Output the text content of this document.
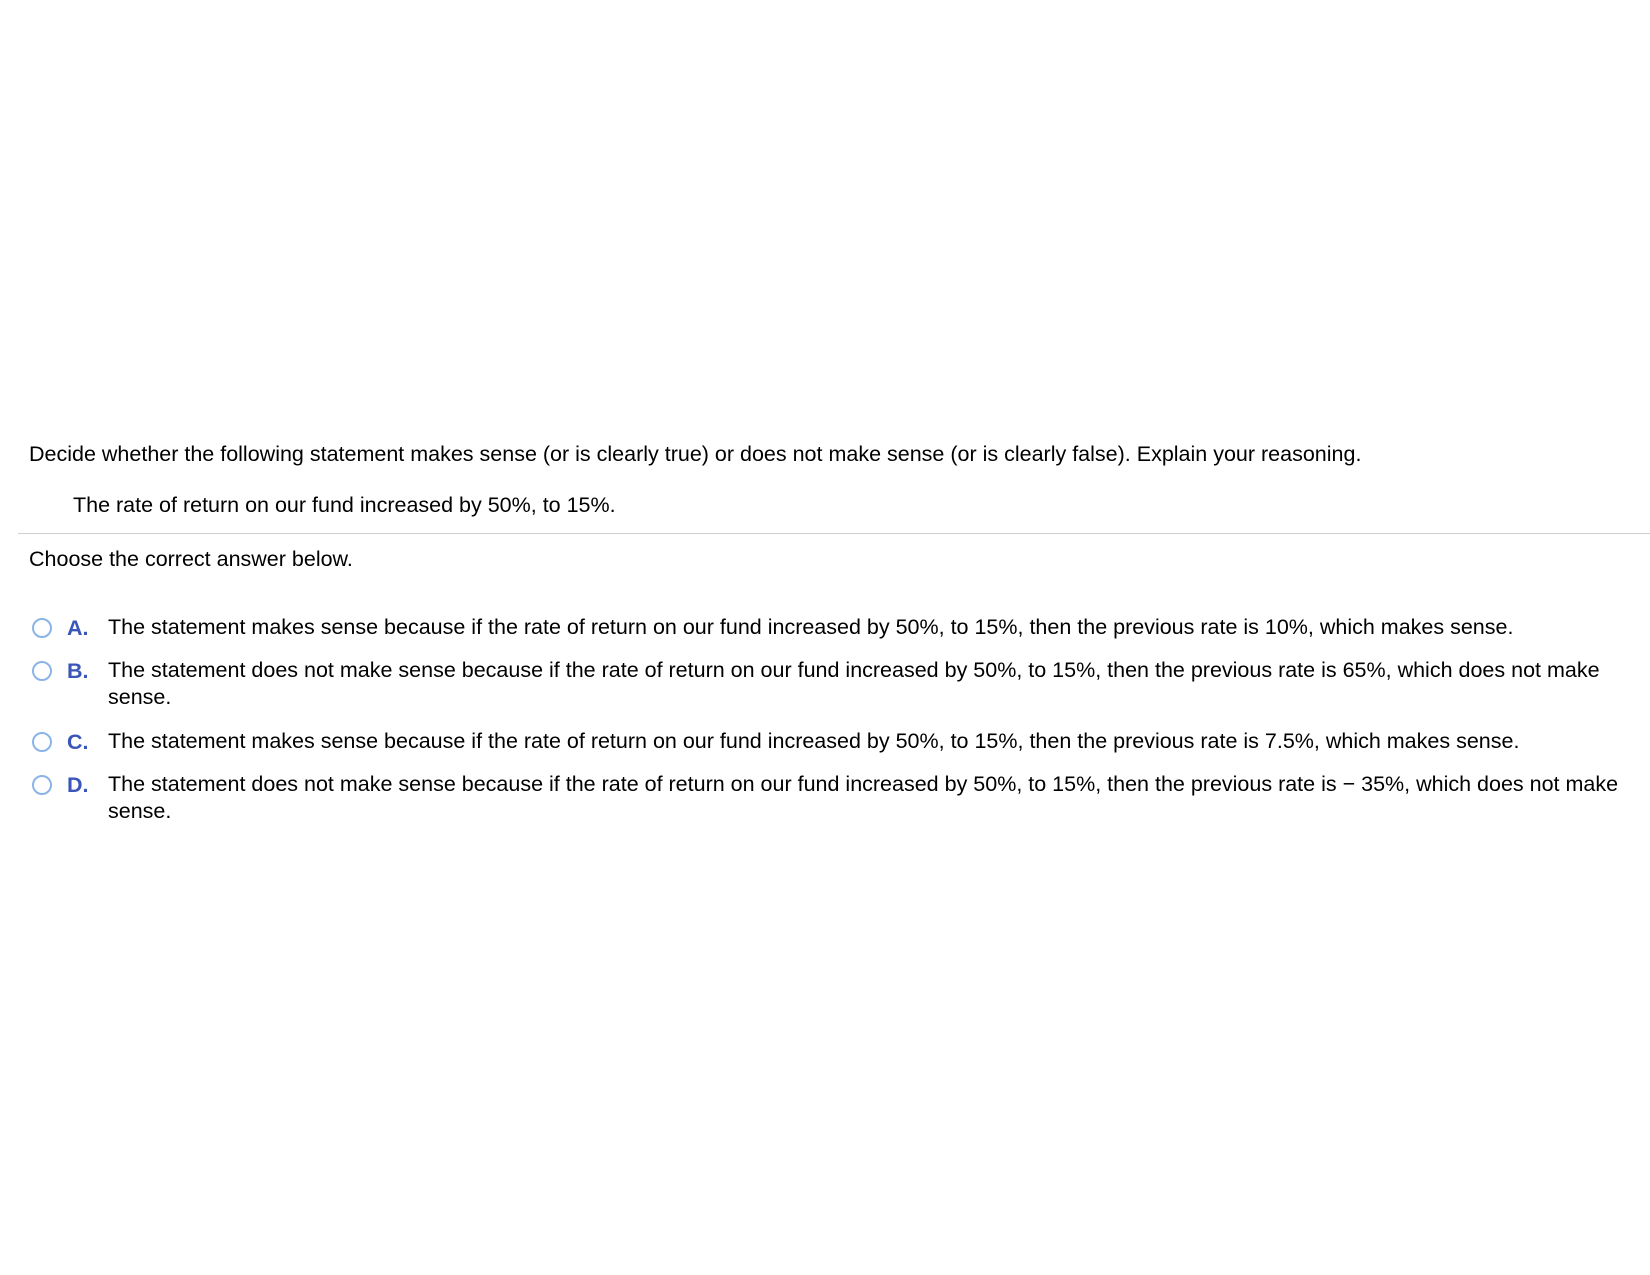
Decide whether the following statement makes sense (or is clearly true) or does not make sense (or is clearly false). Explain your reasoning.
The rate of return on our fund increased by 50%, to 15%.
Choose the correct answer below.
A. The statement makes sense because if the rate of return on our fund increased by 50%, to 15%, then the previous rate is 10%, which makes sense.
B. The statement does not make sense because if the rate of return on our fund increased by 50%, to 15%, then the previous rate is 65%, which does not make sense.
C. The statement makes sense because if the rate of return on our fund increased by 50%, to 15%, then the previous rate is 7.5%, which makes sense.
D. The statement does not make sense because if the rate of return on our fund increased by 50%, to 15%, then the previous rate is − 35%, which does not make sense.
